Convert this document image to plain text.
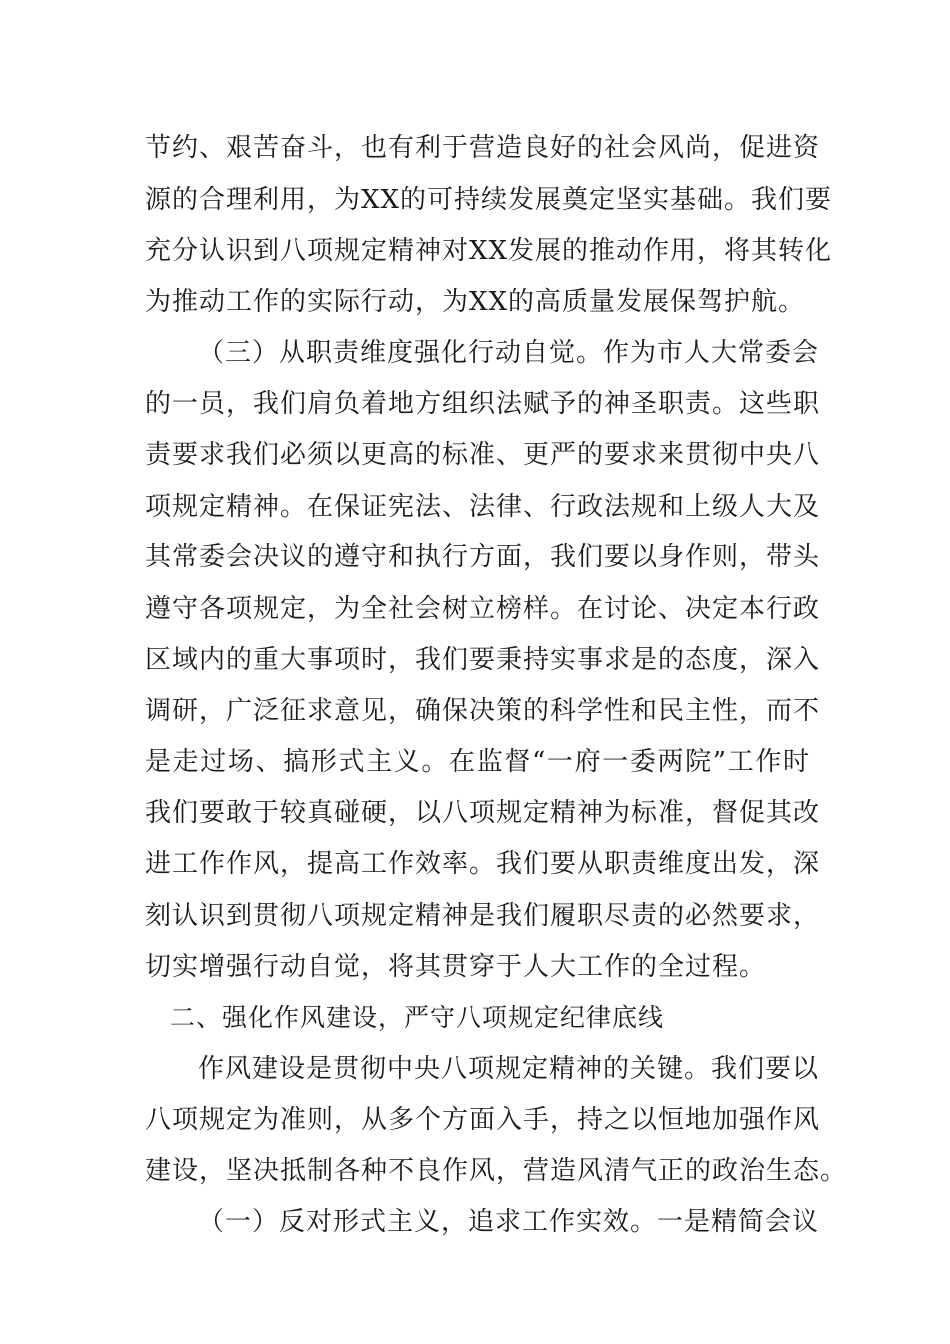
节约、艰苦奋斗，也有利于营造良好的社会风尚，促进资
源的合理利用，为XX的可持续发展奠定坚实基础。我们要
充分认识到八项规定精神对XX发展的推动作用，将其转化
为推动工作的实际行动，为XX的高质量发展保驾护航。
（三）从职责维度强化行动自觉。作为市人大常委会
的一员，我们肩负着地方组织法赋予的神圣职责。这些职
责要求我们必须以更高的标准、更严的要求来贯彻中央八
项规定精神。在保证宪法、法律、行政法规和上级人大及
其常委会决议的遵守和执行方面，我们要以身作则，带头
遵守各项规定，为全社会树立榜样。在讨论、决定本行政
区域内的重大事项时，我们要秉持实事求是的态度，深入
调研，广泛征求意见，确保决策的科学性和民主性，而不
是走过场、搞形式主义。在监督“一府一委两院”工作时
我们要敢于较真碰硬，以八项规定精神为标准，督促其改
进工作作风，提高工作效率。我们要从职责维度出发，深
刻认识到贯彻八项规定精神是我们履职尽责的必然要求，
切实增强行动自觉，将其贯穿于人大工作的全过程。
二、强化作风建设，严守八项规定纪律底线
作风建设是贯彻中央八项规定精神的关键。我们要以
八项规定为准则，从多个方面入手，持之以恒地加强作风
建设，坚决抵制各种不良作风，营造风清气正的政治生态。
（一）反对形式主义，追求工作实效。一是精简会议
